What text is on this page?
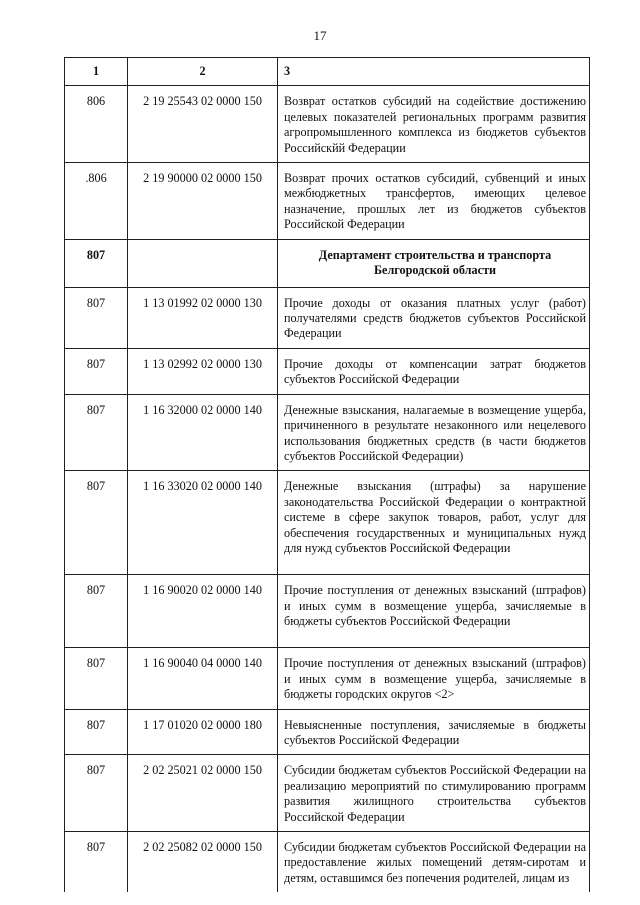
17
1	2	3
806	2 19 25543 02 0000 150	Возврат остатков субсидий на содействие достижению целевых показателей региональных программ развития агропромышленного комплекса из бюджетов субъектов Российскйй Федерации
.806	2 19 90000 02 0000 150	Возврат прочих остатков субсидий, субвенций и иных межбюджетных трансфертов, имеющих целевое назначение, прошлых лет из бюджетов субъектов Российской Федерации
807		Департамент строительства и транспорта Белгородской области
807	1 13 01992 02 0000 130	Прочие доходы от оказания платных услуг (работ) получателями средств бюджетов субъектов Российской Федерации
807	1 13 02992 02 0000 130	Прочие доходы от компенсации затрат бюджетов субъектов Российской Федерации
807	1 16 32000 02 0000 140	Денежные взыскания, налагаемые в возмещение ущерба, причиненного в результате незаконного или нецелевого использования бюджетных средств (в части бюджетов субъектов Российской Федерации)
807	1 16 33020 02 0000 140	Денежные взыскания (штрафы) за нарушение законодательства Российской Федерации о контрактной системе в сфере закупок товаров, работ, услуг для обеспечения государственных и муниципальных нужд для нужд субъектов Российской Федерации
807	1 16 90020 02 0000 140	Прочие поступления от денежных взысканий (штрафов) и иных сумм в возмещение ущерба, зачисляемые в бюджеты субъектов Российской Федерации
807	1 16 90040 04 0000 140	Прочие поступления от денежных взысканий (штрафов) и иных сумм в возмещение ущерба, зачисляемые в бюджеты городских округов <2>
807	1 17 01020 02 0000 180	Невыясненные поступления, зачисляемые в бюджеты субъектов Российской Федерации
807	2 02 25021 02 0000 150	Субсидии бюджетам субъектов Российской Федерации на реализацию мероприятий по стимулированию программ развития жилищного строительства субъектов Российской Федерации
807	2 02 25082 02 0000 150	Субсидии бюджетам субъектов Российской Федерации на предоставление жилых помещений детям-сиротам и детям, оставшимся без попечения родителей, лицам из
